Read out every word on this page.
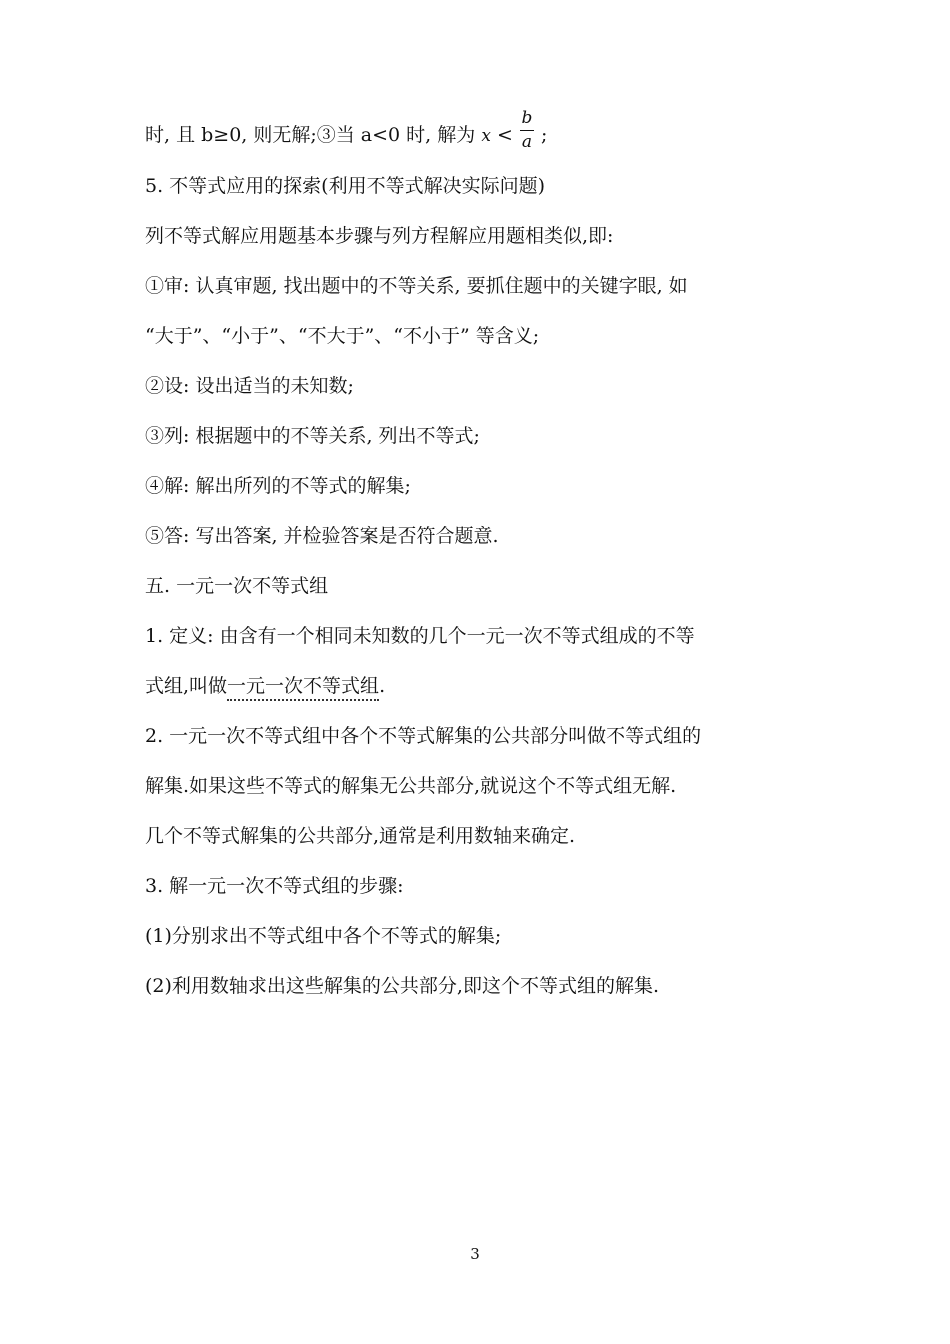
时, 且 b≥0, 则无解;③当 a<0 时, 解为 $x < \frac{b}{a}$ ;
5. 不等式应用的探索(利用不等式解决实际问题)
列不等式解应用题基本步骤与列方程解应用题相类似,即:
①审: 认真审题, 找出题中的不等关系, 要抓住题中的关键字眼, 如
“大于”、“小于”、“不大于”、“不小于” 等含义;
②设: 设出适当的未知数;
③列: 根据题中的不等关系, 列出不等式;
④解: 解出所列的不等式的解集;
⑤答: 写出答案, 并检验答案是否符合题意.
五. 一元一次不等式组
1. 定义: 由含有一个相同未知数的几个一元一次不等式组成的不等
式组,叫做一元一次不等式组.
2. 一元一次不等式组中各个不等式解集的公共部分叫做不等式组的
解集.如果这些不等式的解集无公共部分,就说这个不等式组无解.
几个不等式解集的公共部分,通常是利用数轴来确定.
3. 解一元一次不等式组的步骤:
(1)分别求出不等式组中各个不等式的解集;
(2)利用数轴求出这些解集的公共部分,即这个不等式组的解集.
3
